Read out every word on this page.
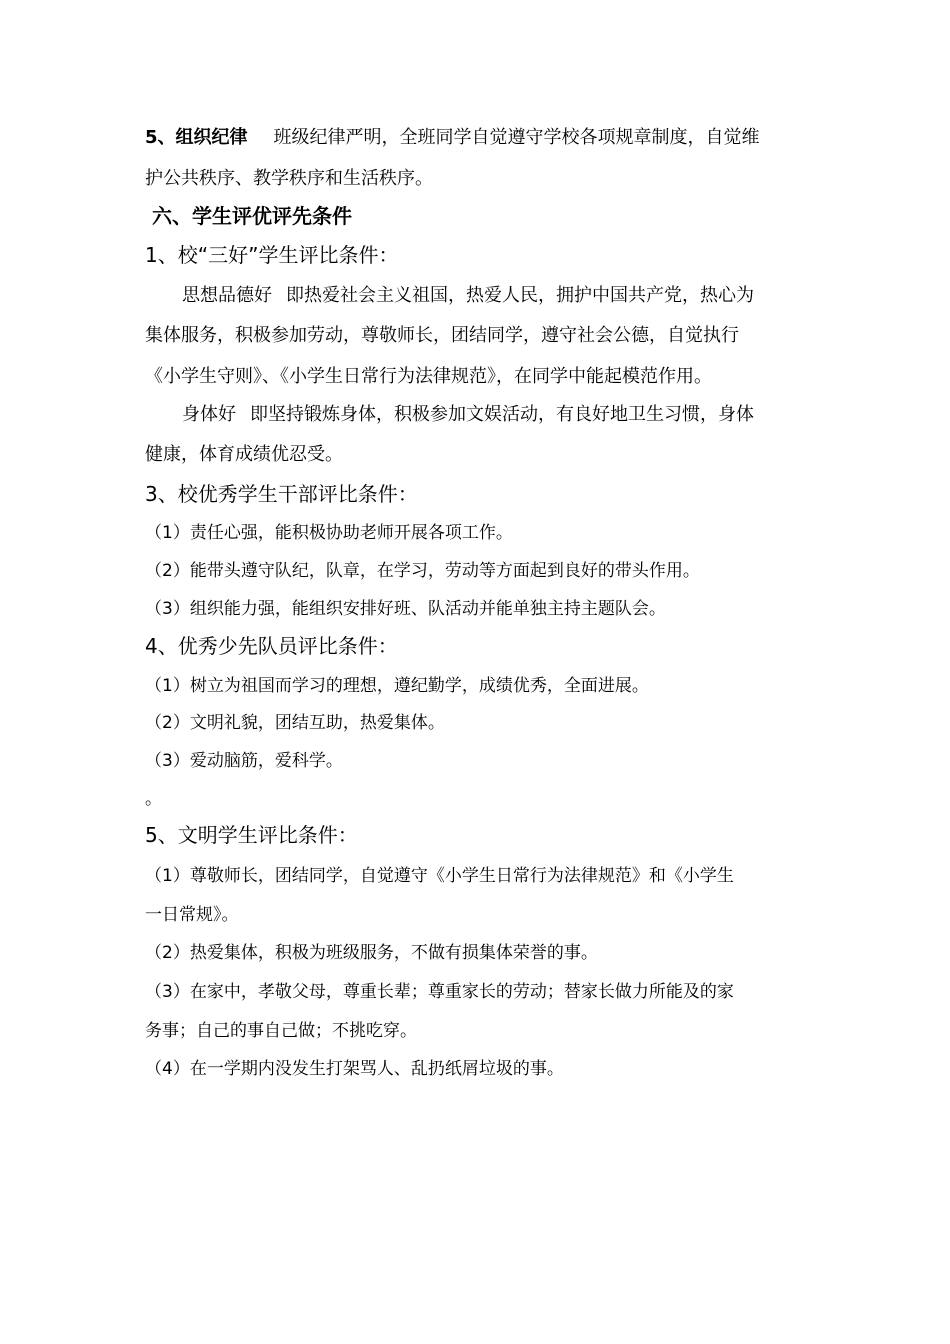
5、组织纪律 班级纪律严明，全班同学自觉遵守学校各项规章制度，自觉维
护公共秩序、教学秩序和生活秩序。
六、学生评优评先条件
1、校“三好”学生评比条件：
思想品德好 即热爱社会主义祖国，热爱人民，拥护中国共产党，热心为
集体服务，积极参加劳动，尊敬师长，团结同学，遵守社会公德，自觉执行
《小学生守则》、《小学生日常行为法律规范》，在同学中能起模范作用。
身体好 即坚持锻炼身体，积极参加文娱活动，有良好地卫生习惯，身体
健康，体育成绩优忍受。
3、校优秀学生干部评比条件：
（1）责任心强，能积极协助老师开展各项工作。
（2）能带头遵守队纪，队章，在学习，劳动等方面起到良好的带头作用。
（3）组织能力强，能组织安排好班、队活动并能单独主持主题队会。
4、优秀少先队员评比条件：
（1）树立为祖国而学习的理想，遵纪勤学，成绩优秀，全面进展。
（2）文明礼貌，团结互助，热爱集体。
（3）爱动脑筋，爱科学。
。
5、文明学生评比条件：
（1）尊敬师长，团结同学，自觉遵守《小学生日常行为法律规范》和《小学生
一日常规》。
（2）热爱集体，积极为班级服务，不做有损集体荣誉的事。
（3）在家中，孝敬父母，尊重长辈；尊重家长的劳动；替家长做力所能及的家
务事；自己的事自己做；不挑吃穿。
（4）在一学期内没发生打架骂人、乱扔纸屑垃圾的事。
